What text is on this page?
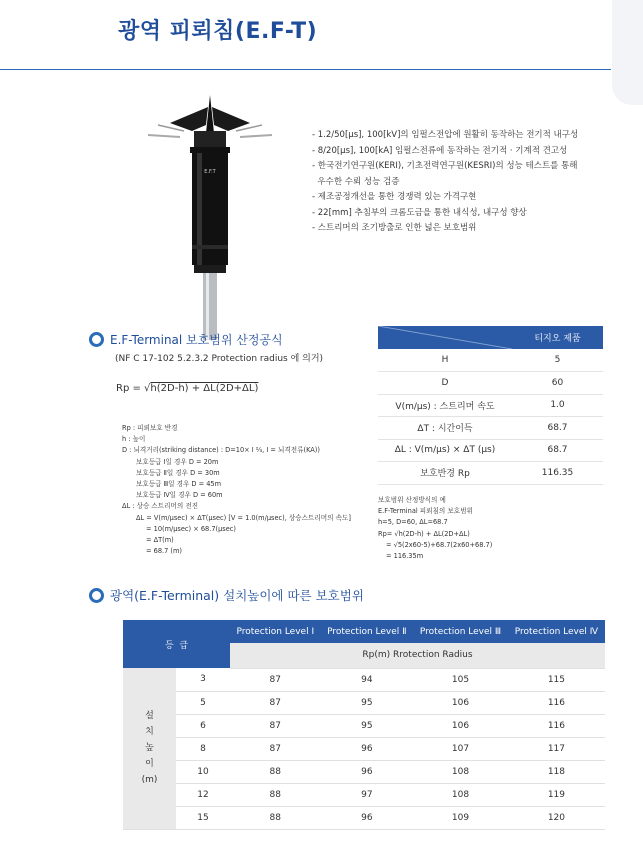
광역 피뢰침(E.F-T)
E.F.T
- 1.2/50[μs], 100[kV]의 임펄스전압에 원활히 동작하는 전기적 내구성
- 8/20[μs], 100[kA] 임펄스전류에 동작하는 전기적 · 기계적 견고성
- 한국전기연구원(KERI), 기초전력연구원(KESRI)의 성능 테스트를 통해
우수한 수뢰 성능 검증
- 제조공정개선을 통한 경쟁력 있는 가격구현
- 22[mm] 추침부의 크롬도금을 통한 내식성, 내구성 향상
- 스트리머의 조기방출로 인한 넓은 보호범위
E.F-Terminal 보호범위 산정공식
(NF C 17-102 5.2.3.2 Protection radius 에 의거)
Rp = √h(2D-h) + ΔL(2D+ΔL)
Rp : 피뢰보호 반경
h : 높이
D : 뇌격거리(striking distance) : D=10× I ⅔, I = 뇌격전류(KA))
보호등급 Ⅰ일 경우 D = 20m
보호등급 Ⅱ일 경우 D = 30m
보호등급 Ⅲ일 경우 D = 45m
보호등급 Ⅳ일 경우 D = 60m
ΔL : 상승 스트리머의 전진
ΔL = V(m/μsec) × ΔT(μsec) [V = 1.0(m/μsec), 상승스트리머의 속도]
= 10(m/μsec) × 68.7(μsec)
= ΔT(m)
= 68.7 (m)
	티지오 제품
H	5
D	60
V(m/μs) : 스트리머 속도	1.0
ΔT : 시간이득	68.7
ΔL : V(m/μs) × ΔT (μs)	68.7
보호반경 Rp	116.35
보호범위 산정방식의 예
E.F-Terminal 피뢰침의 보호범위
h=5, D=60, ΔL=68.7
Rp= √h(2D-h) + ΔL(2D+ΔL)
= √5(2x60-5)+68.7(2x60+68.7)
= 116.35m
광역(E.F-Terminal) 설치높이에 따른 보호범위
등  급		Protection Level Ⅰ	Protection Level Ⅱ	Protection Level Ⅲ	Protection Level Ⅳ
		Rp(m) Rrotection Radius			

설
치
높
이
(m)	3	87	94	105	115
	5	87	95	106	116
	6	87	95	106	116
	8	87	96	107	117
	10	88	96	108	118
	12	88	97	108	119
	15	88	96	109	120
